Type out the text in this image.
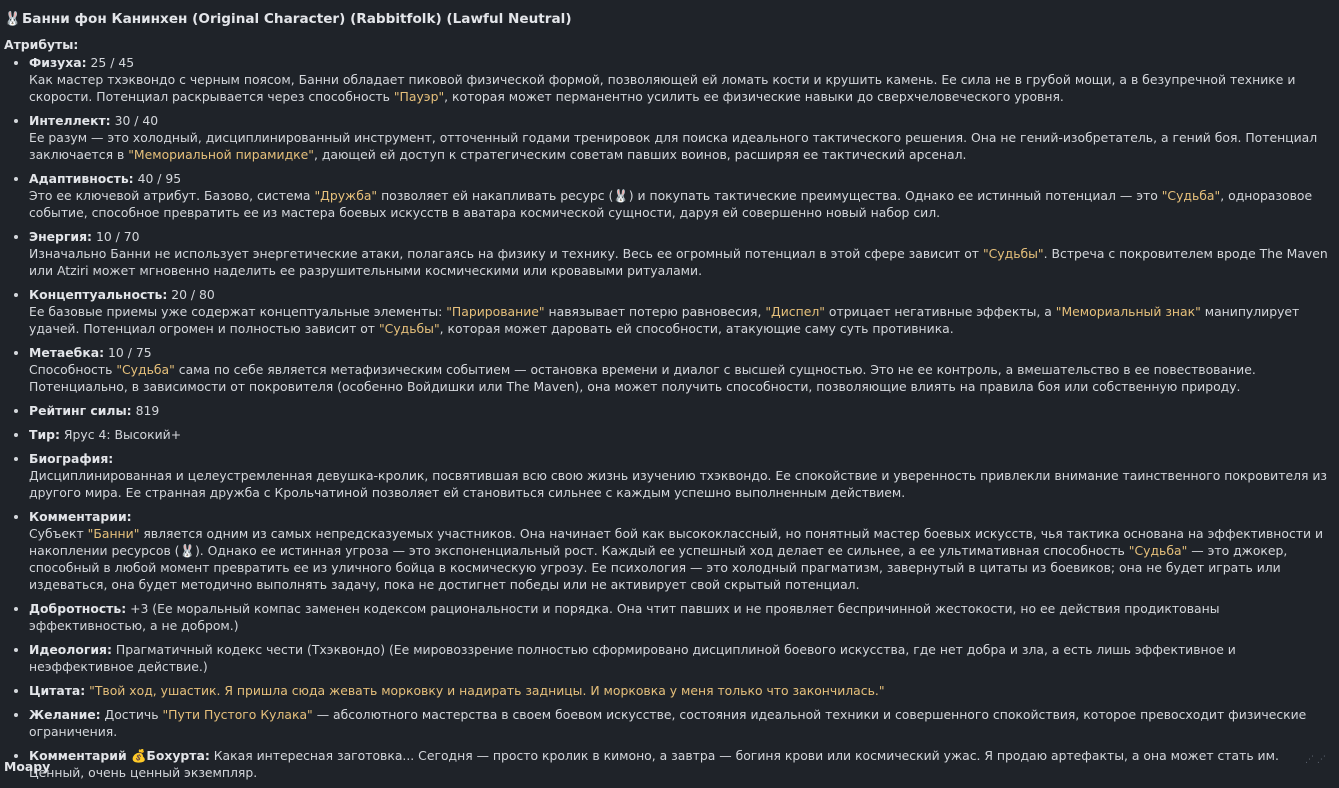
🐰Банни фон Канинхен (Original Character) (Rabbitfolk) (Lawful Neutral)
Атрибуты:
• Физуха: 25 / 45
Как мастер тхэквондо с черным поясом, Банни обладает пиковой физической формой, позволяющей ей ломать кости и крушить камень. Ее сила не в грубой мощи, а в безупречной технике и скорости. Потенциал раскрывается через способность "Пауэр", которая может перманентно усилить ее физические навыки до сверхчеловеческого уровня.
• Интеллект: 30 / 40
Ее разум — это холодный, дисциплинированный инструмент, отточенный годами тренировок для поиска идеального тактического решения. Она не гений-изобретатель, а гений боя. Потенциал заключается в "Мемориальной пирамидке", дающей ей доступ к стратегическим советам павших воинов, расширяя ее тактический арсенал.
• Адаптивность: 40 / 95
Это ее ключевой атрибут. Базово, система "Дружба" позволяет ей накапливать ресурс (🐰) и покупать тактические преимущества. Однако ее истинный потенциал — это "Судьба", одноразовое событие, способное превратить ее из мастера боевых искусств в аватара космической сущности, даруя ей совершенно новый набор сил.
• Энергия: 10 / 70
Изначально Банни не использует энергетические атаки, полагаясь на физику и технику. Весь ее огромный потенциал в этой сфере зависит от "Судьбы". Встреча с покровителем вроде The Maven или Atziri может мгновенно наделить ее разрушительными космическими или кровавыми ритуалами.
• Концептуальность: 20 / 80
Ее базовые приемы уже содержат концептуальные элементы: "Парирование" навязывает потерю равновесия, "Диспел" отрицает негативные эффекты, а "Мемориальный знак" манипулирует удачей. Потенциал огромен и полностью зависит от "Судьбы", которая может даровать ей способности, атакующие саму суть противника.
• Метаебка: 10 / 75
Способность "Судьба" сама по себе является метафизическим событием — остановка времени и диалог с высшей сущностью. Это не ее контроль, а вмешательство в ее повествование. Потенциально, в зависимости от покровителя (особенно Войдишки или The Maven), она может получить способности, позволяющие влиять на правила боя или собственную природу.
• Рейтинг силы: 819
• Тир: Ярус 4: Высокий+
• Биография:
Дисциплинированная и целеустремленная девушка-кролик, посвятившая всю свою жизнь изучению тхэквондо. Ее спокойствие и уверенность привлекли внимание таинственного покровителя из другого мира. Ее странная дружба с Крольчатиной позволяет ей становиться сильнее с каждым успешно выполненным действием.
• Комментарии:
Субъект "Банни" является одним из самых непредсказуемых участников. Она начинает бой как высококлассный, но понятный мастер боевых искусств, чья тактика основана на эффективности и накоплении ресурсов (🐰). Однако ее истинная угроза — это экспоненциальный рост. Каждый ее успешный ход делает ее сильнее, а ее ультимативная способность "Судьба" — это джокер, способный в любой момент превратить ее из уличного бойца в космическую угрозу. Ее психология — это холодный прагматизм, завернутый в цитаты из боевиков; она не будет играть или издеваться, она будет методично выполнять задачу, пока не достигнет победы или не активирует свой скрытый потенциал.
• Добротность: +3 (Ее моральный компас заменен кодексом рациональности и порядка. Она чтит павших и не проявляет беспричинной жестокости, но ее действия продиктованы эффективностью, а не добром.)
• Идеология: Прагматичный кодекс чести (Тхэквондо) (Ее мировоззрение полностью сформировано дисциплиной боевого искусства, где нет добра и зла, а есть лишь эффективное и неэффективное действие.)
• Цитата: "Твой ход, ушастик. Я пришла сюда жевать морковку и надирать задницы. И морковка у меня только что закончилась."
• Желание: Достичь "Пути Пустого Кулака" — абсолютного мастерства в своем боевом искусстве, состояния идеальной техники и совершенного спокойствия, которое превосходит физические ограничения.
• Комментарий 💰Бохурта: Какая интересная заготовка... Сегодня — просто кролик в кимоно, а завтра — богиня крови или космический ужас. Я продаю артефакты, а она может стать им. Ценный, очень ценный экземпляр.
Моару	⋰ ⋰
